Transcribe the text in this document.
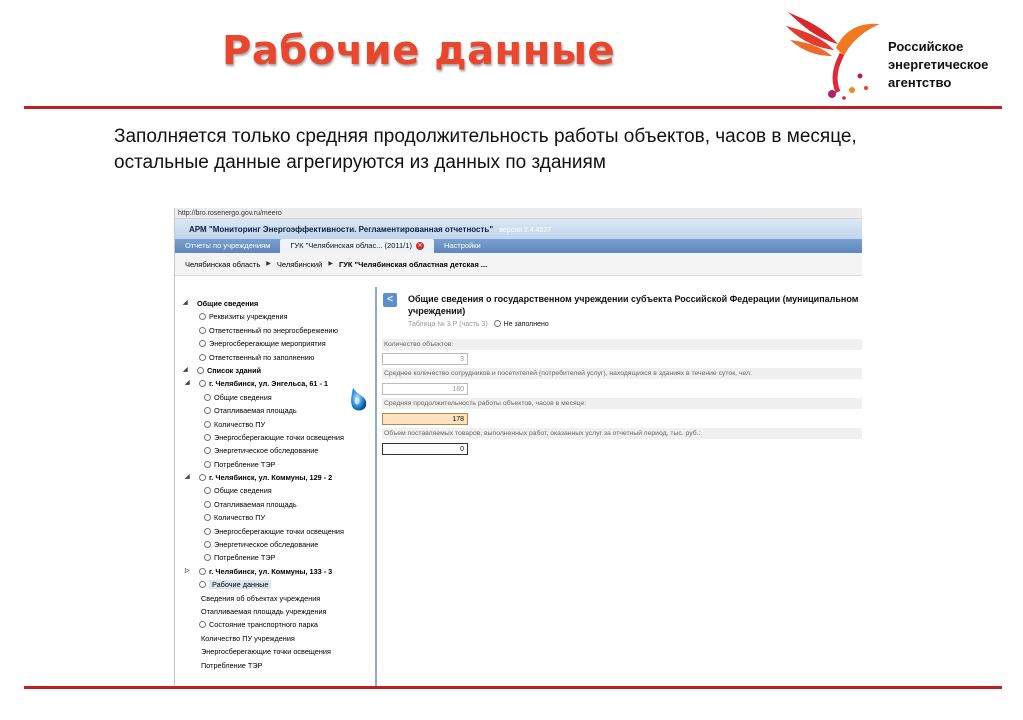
Рабочие данные	Российское энергетическое агентство
Заполняется только средняя продолжительность работы объектов, часов в месяце, остальные данные агрегируются из данных по зданиям
http://bro.rosenergo.gov.ru/meero
АРМ "Мониторинг Энергоэффективности. Регламентированная отчетность" версия 2.4.4227
Отчеты по учреждениям	ГУК "Челябинская облас... (2011/1) ✕	Настройки
Челябинская область ▶ Челябинский ▶ ГУК "Челябинская областная детская ...
◢ Общие сведения
Реквизиты учреждения
Ответственный по энергосбережению
Энергосберегающие мероприятия
Ответственный по заполнению
◢	Список зданий
◢	г. Челябинск, ул. Энгельса, 61 - 1
Общие сведения
Отапливаемая площадь
Количество ПУ
Энергосберегающие точки освещения
Энергетическое обследование
Потребление ТЭР
◢	г. Челябинск, ул. Коммуны, 129 - 2
Общие сведения
Отапливаемая площадь
Количество ПУ
Энергосберегающие точки освещения
Энергетическое обследование
Потребление ТЭР
▷	г. Челябинск, ул. Коммуны, 133 - 3
Рабочие данные
Сведения об объектах учреждения
Отапливаемая площадь учреждения
Состояние транспортного парка
Количество ПУ учреждения
Энергосберегающие точки освещения
Потребление ТЭР
<	Общие сведения о государственном учреждении субъекта Российской Федерации (муниципальном учреждении)
Таблица № 3.Р (часть 3) Не заполнено
Количество объектов:
3
Среднее количество сотрудников и посетителей (потребителей услуг), находящихся в зданиях в течение суток, чел.
180
Средняя продолжительность работы объектов, часов в месяце:
178
Объем поставляемых товаров, выполненных работ, оказанных услуг за отчетный период, тыс. руб.:
0
